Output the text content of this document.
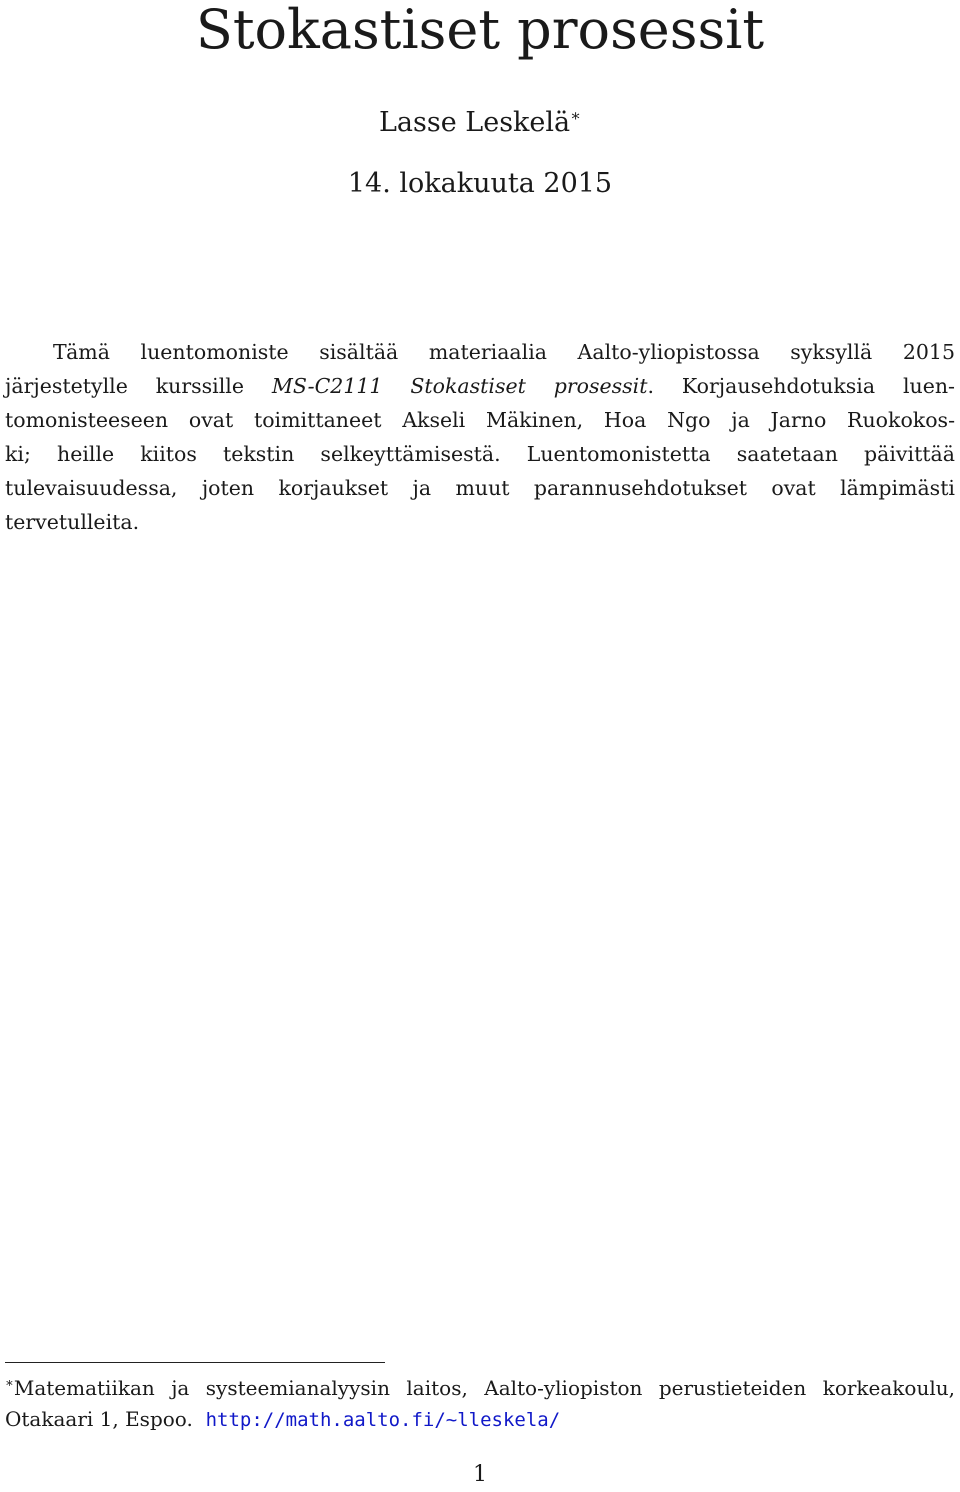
Stokastiset prosessit
Lasse Leskelä∗
14. lokakuuta 2015
Tämä luentomoniste sisältää materiaalia Aalto-yliopistossa syksyllä 2015
järjestetylle kurssille MS-C2111 Stokastiset prosessit. Korjausehdotuksia luen-
tomonisteeseen ovat toimittaneet Akseli Mäkinen, Hoa Ngo ja Jarno Ruokokos-
ki; heille kiitos tekstin selkeyttämisestä. Luentomonistetta saatetaan päivittää
tulevaisuudessa, joten korjaukset ja muut parannusehdotukset ovat lämpimästi
tervetulleita.
∗Matematiikan ja systeemianalyysin laitos, Aalto-yliopiston perustieteiden korkeakoulu,
Otakaari 1, Espoo. http://math.aalto.fi/~lleskela/
1
